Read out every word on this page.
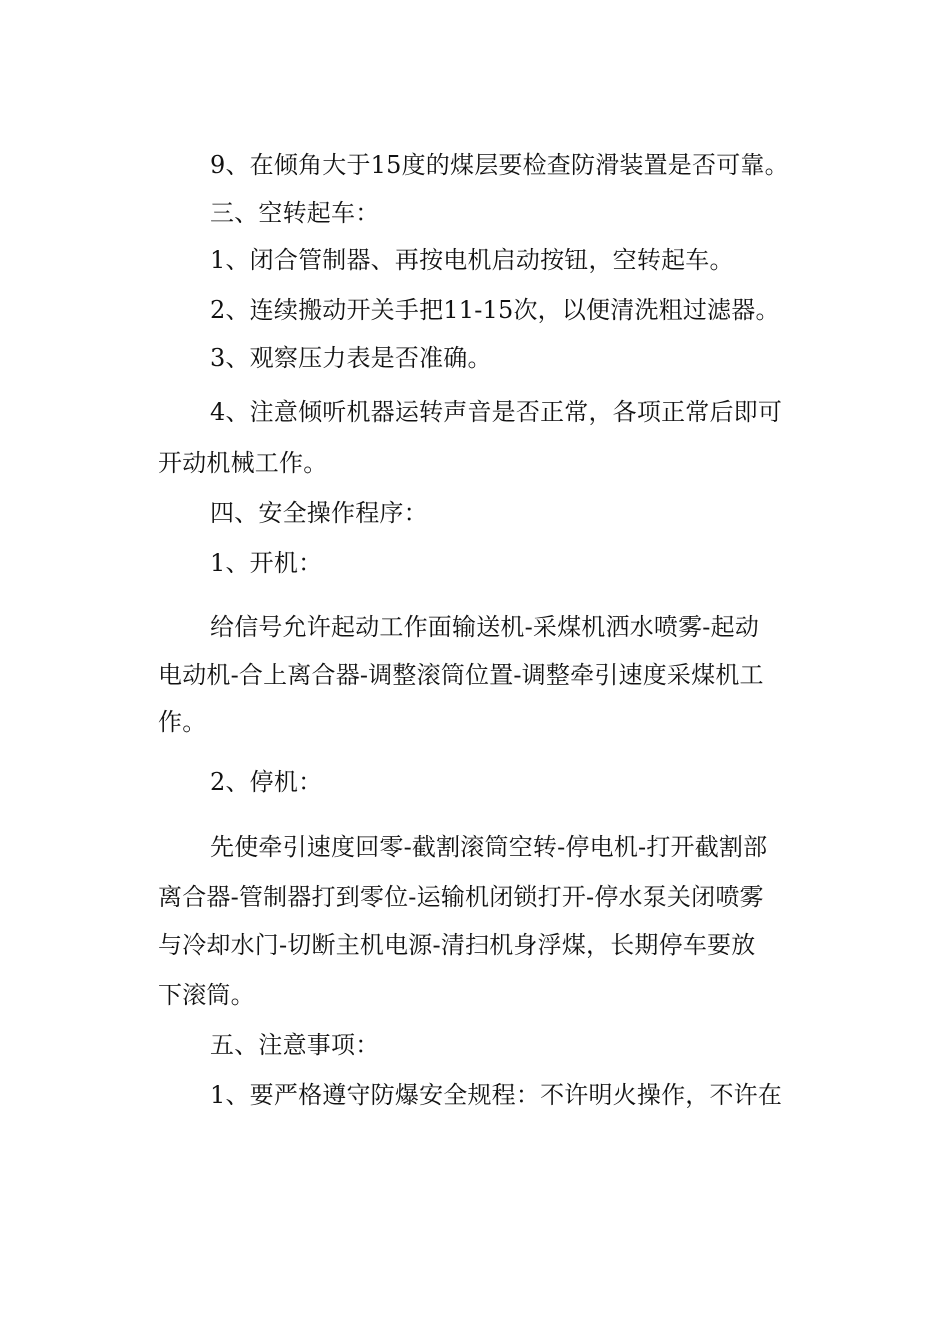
9、在倾角大于15度的煤层要检查防滑装置是否可靠。
三、空转起车：
1、闭合管制器、再按电机启动按钮，空转起车。
2、连续搬动开关手把11-15次，以便清洗粗过滤器。
3、观察压力表是否准确。
4、注意倾听机器运转声音是否正常，各项正常后即可
开动机械工作。
四、安全操作程序：
1、开机：
给信号允许起动工作面输送机-采煤机洒水喷雾-起动
电动机-合上离合器-调整滚筒位置-调整牵引速度采煤机工
作。
2、停机：
先使牵引速度回零-截割滚筒空转-停电机-打开截割部
离合器-管制器打到零位-运输机闭锁打开-停水泵关闭喷雾
与冷却水门-切断主机电源-清扫机身浮煤，长期停车要放
下滚筒。
五、注意事项：
1、要严格遵守防爆安全规程：不许明火操作，不许在
